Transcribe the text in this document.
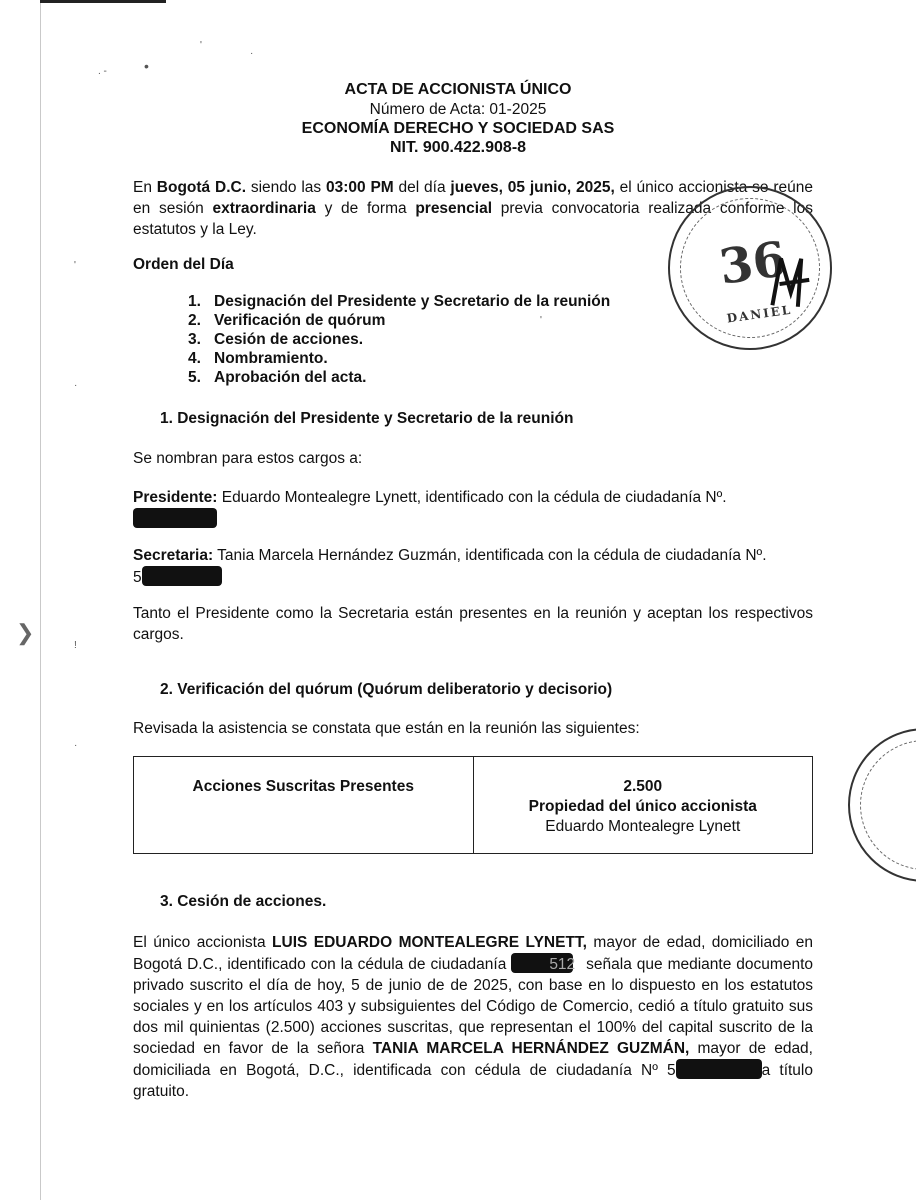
❯
ACTA DE ACCIONISTA ÚNICO
Número de Acta: 01-2025
ECONOMÍA DERECHO Y SOCIEDAD SAS
NIT. 900.422.908-8
En Bogotá D.C. siendo las 03:00 PM del día jueves, 05 junio, 2025, el único accionista se reúne en sesión extraordinaria y de forma presencial previa convocatoria realizada conforme los estatutos y la Ley.
Orden del Día
1. Designación del Presidente y Secretario de la reunión
2. Verificación de quórum
3. Cesión de acciones.
4. Nombramiento.
5. Aprobación del acta.
1. Designación del Presidente y Secretario de la reunión
Se nombran para estos cargos a:
Presidente: Eduardo Montealegre Lynett, identificado con la cédula de ciudadanía Nº.

Secretaria: Tania Marcela Hernández Guzmán, identificada con la cédula de ciudadanía Nº.
5
Tanto el Presidente como la Secretaria están presentes en la reunión y aceptan los respectivos cargos.
2. Verificación del quórum (Quórum deliberatorio y decisorio)
Revisada la asistencia se constata que están en la reunión las siguientes:
Acciones Suscritas Presentes	2.500
Propiedad del único accionista
Eduardo Montealegre Lynett
3. Cesión de acciones.
El único accionista LUIS EDUARDO MONTEALEGRE LYNETT, mayor de edad, domiciliado en Bogotá D.C., identificado con la cédula de ciudadanía 512 señala que mediante documento privado suscrito el día de hoy, 5 de junio de de 2025, con base en lo dispuesto en los estatutos sociales y en los artículos 403 y subsiguientes del Código de Comercio, cedió a título gratuito sus dos mil quinientas (2.500) acciones suscritas, que representan el 100% del capital suscrito de la sociedad en favor de la señora TANIA MARCELA HERNÁNDEZ GUZMÁN, mayor de edad, domiciliada en Bogotá, D.C., identificada con cédula de ciudadanía Nº 5	a título gratuito.
36
DANIEL
. -	•
'
·
'
·
!
·
'
